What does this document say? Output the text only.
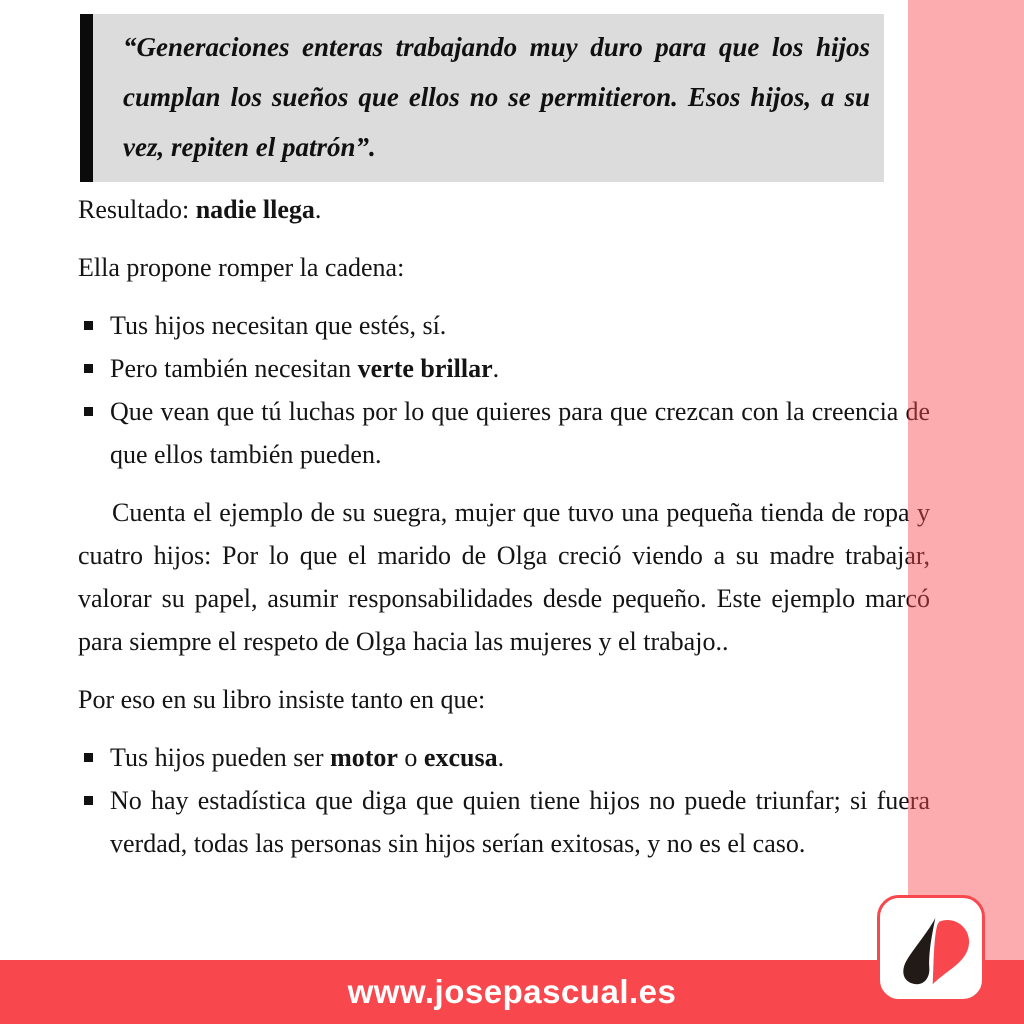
“Generaciones enteras trabajando muy duro para que los hijos cumplan los sueños que ellos no se permitieron. Esos hijos, a su vez, repiten el patrón”.

Resultado: nadie llega.

Ella propone romper la cadena:

Tus hijos necesitan que estés, sí.
Pero también necesitan verte brillar.
Que vean que tú luchas por lo que quieres para que crezcan con la creencia de que ellos también pueden.

Cuenta el ejemplo de su suegra, mujer que tuvo una pequeña tienda de ropa y cuatro hijos: Por lo que el marido de Olga creció viendo a su madre trabajar, valorar su papel, asumir responsabilidades desde pequeño. Este ejemplo marcó para siempre el respeto de Olga hacia las mujeres y el trabajo..

Por eso en su libro insiste tanto en que:

Tus hijos pueden ser motor o excusa.
No hay estadística que diga que quien tiene hijos no puede triunfar; si fuera verdad, todas las personas sin hijos serían exitosas, y no es el caso.
www.josepascual.es
